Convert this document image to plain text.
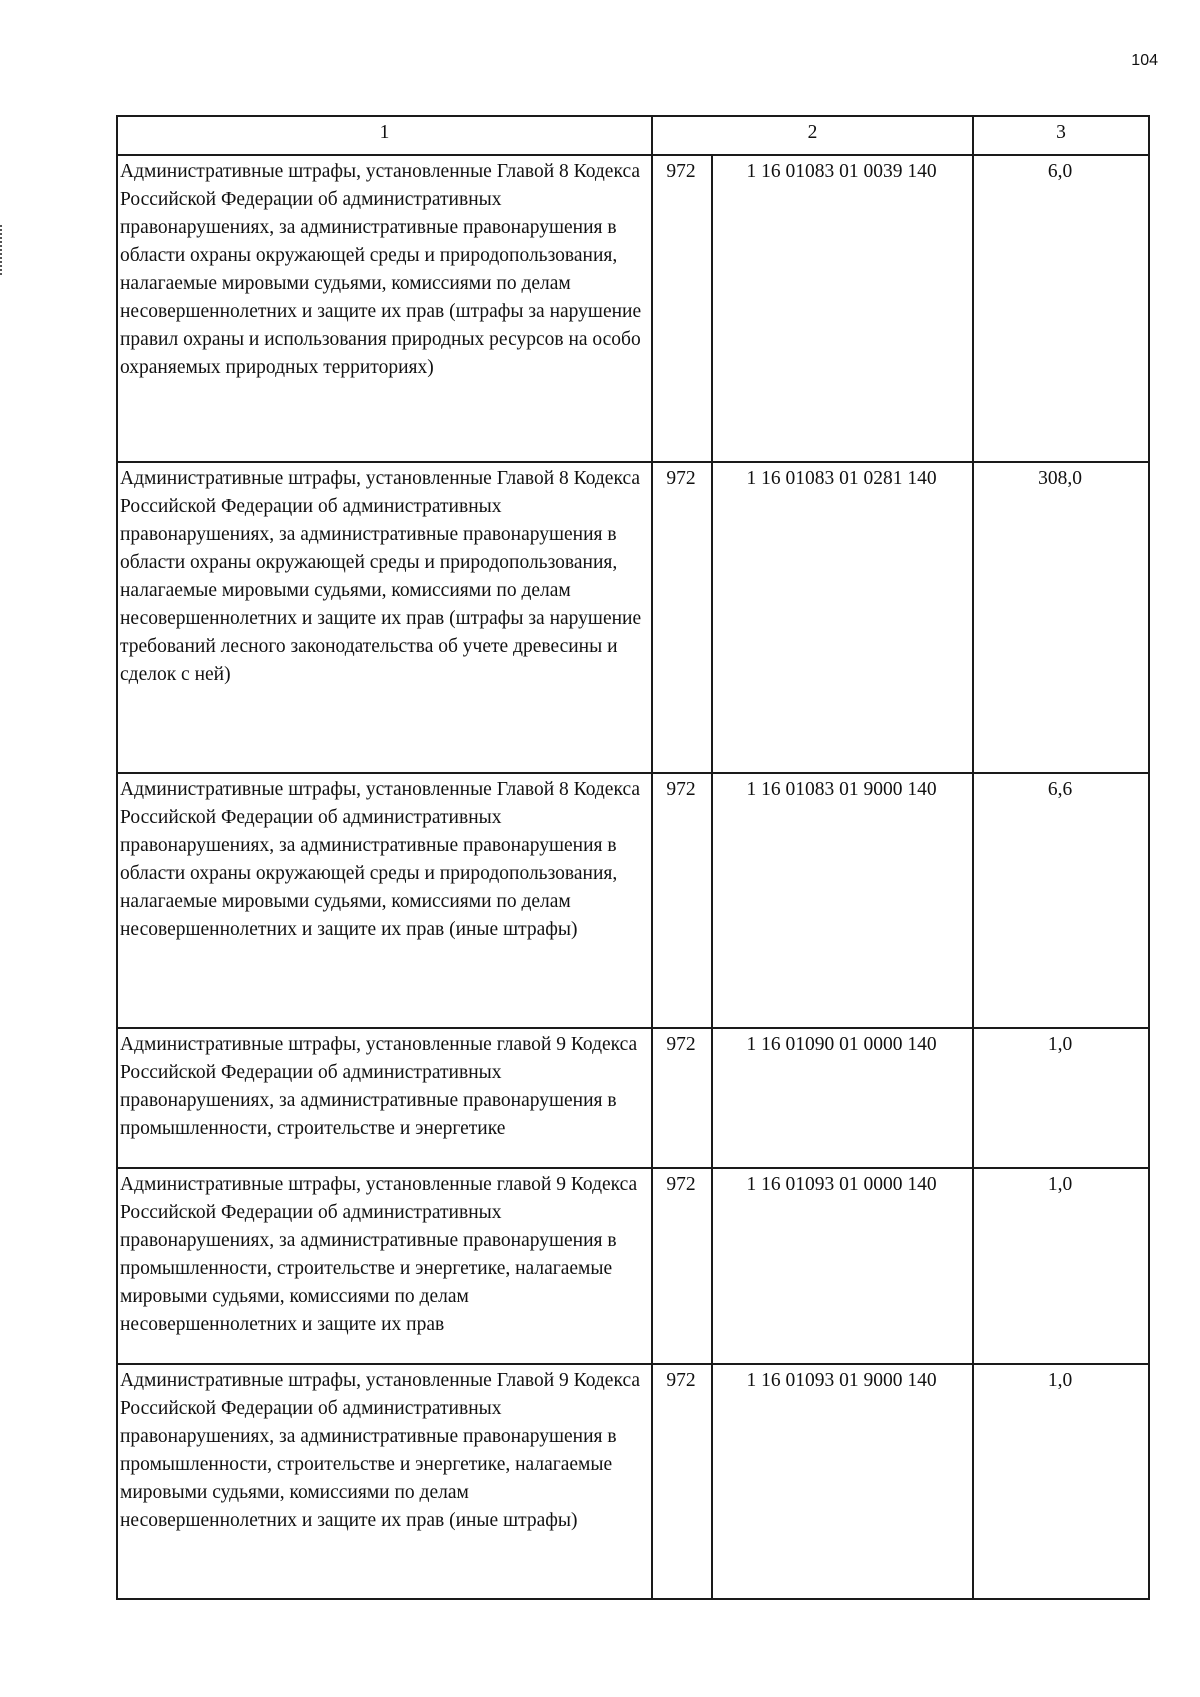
104
1	2		3
Административные штрафы, установленные Главой 8 Кодекса Российской Федерации об административных правонарушениях, за административные правонарушения в области охраны окружающей среды и природопользования, налагаемые мировыми судьями, комиссиями по делам несовершеннолетних и защите их прав (штрафы за нарушение правил охраны и использования природных ресурсов на особо охраняемых природных территориях)	972	1 16 01083 01 0039 140	6,0
Административные штрафы, установленные Главой 8 Кодекса Российской Федерации об административных правонарушениях, за административные правонарушения в области охраны окружающей среды и природопользования, налагаемые мировыми судьями, комиссиями по делам несовершеннолетних и защите их прав (штрафы за нарушение требований лесного законодательства об учете древесины и сделок с ней)	972	1 16 01083 01 0281 140	308,0
Административные штрафы, установленные Главой 8 Кодекса Российской Федерации об административных правонарушениях, за административные правонарушения в области охраны окружающей среды и природопользования, налагаемые мировыми судьями, комиссиями по делам несовершеннолетних и защите их прав (иные штрафы)	972	1 16 01083 01 9000 140	6,6
Административные штрафы, установленные главой 9 Кодекса Российской Федерации об административных правонарушениях, за административные правонарушения в промышленности, строительстве и энергетике	972	1 16 01090 01 0000 140	1,0
Административные штрафы, установленные главой 9 Кодекса Российской Федерации об административных правонарушениях, за административные правонарушения в промышленности, строительстве и энергетике, налагаемые мировыми судьями, комиссиями по делам несовершеннолетних и защите их прав	972	1 16 01093 01 0000 140	1,0
Административные штрафы, установленные Главой 9 Кодекса Российской Федерации об административных правонарушениях, за административные правонарушения в промышленности, строительстве и энергетике, налагаемые мировыми судьями, комиссиями по делам несовершеннолетних и защите их прав (иные штрафы)	972	1 16 01093 01 9000 140	1,0
